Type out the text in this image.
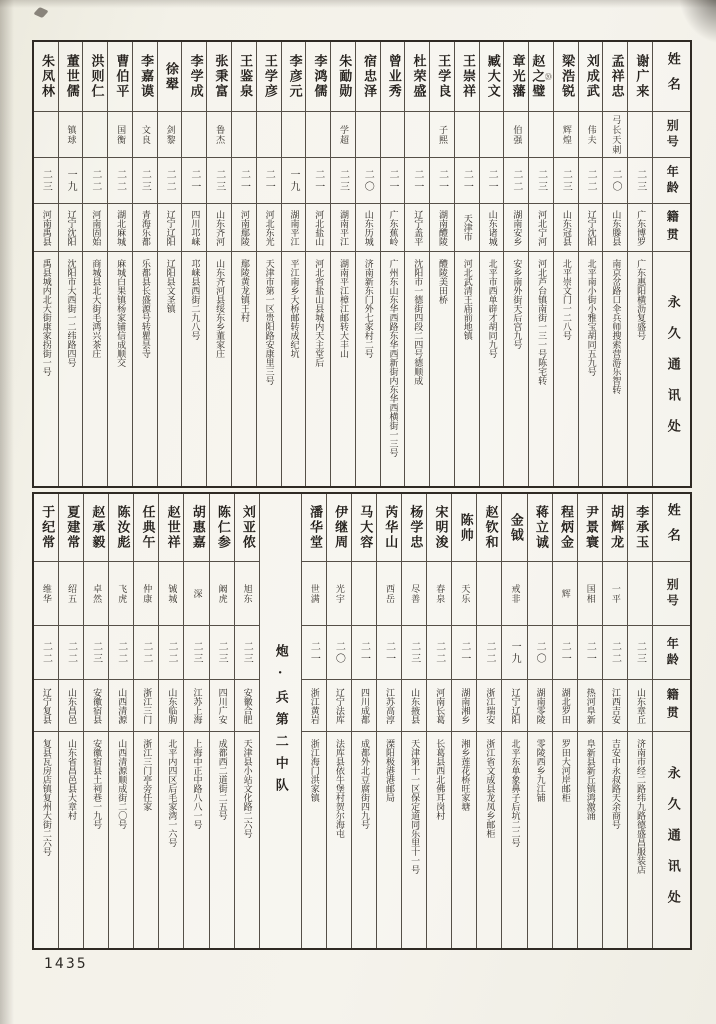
姓名
别号
年龄
籍贯
永久通讯处
谢广来
二三
广东博罗
广东惠阳横沥复盛号
孟祥忠
弓长天刺
二〇
山东滕县
南京岔路口伞兵师搜索营游乐智转
刘成武
伟夫
二二
辽宁沈阳
北平南小街小雅宝胡同五九号
梁浩锐
辉煌
二三
山东冠县
北平崇文门一二八号
赵之璧 ⑳
二三
河北宁河
河北芦台镇南街一三一号陈宅转
章光藩
伯强
二二
湖南安乡
安乡南外街天后宫九号
臧大文
二一
山东诸城
北平市西单辟才胡同九号
王崇祥
二一
天津市
河北武清王庙前地镇
王学良
子熙
二一
湖南醴陵
醴陵美田桥
杜荣盛
二一
辽宁盖平
沈阳市一德街四段二四号德顺成
曾业秀
二一
广东蕉岭
广州东山东华西路东华西新街内东华西横街一三号
宿忠泽
二〇
山东历城
济南新东门外七家村二号
朱勔勋
学超
二三
湖南平江
湖南平江樟江邮转大丰山
李鸿儒
二一
河北盐山
河北省盐山县城内天主堂后
李彦元
一九
湖南平江
平江南乡大桥邮转成纪坑
王学彦
二一
河北东光
天津市第一区贵阳路安康里三号
王鉴泉
二一
河南鄢陵
鄢陵黄龙镇王村
张秉富
鲁杰
二三
山东齐河
山东齐河县绥东乡董家庄
李学成
二一
四川邛崃
邛崃县西街二九八号
徐翚
剑黎
二二
辽宁辽阳
辽阳县文圣镇
李嘉谟
文良
二三
青海乐都
乐都县长盛源号转瞿昙寺
曹伯平
国衡
二二
湖北麻城
麻城白果镇杨家铺信成顺交
洪则仁
二二
河南固始
商城县北大街毛鸿兴茶庄
董世儒
镇球
一九
辽宁沈阳
沈阳市大西街一二纬路四号
朱凤林
二三
河南禹县
禹县城内北大街康家拐街一号
姓名
别号
年龄
籍贯
永久通讯处
李承玉
二三
山东章丘
济南市经二路纬九路德盛昌服装店
胡辉龙
一平
二二
江西吉安
吉安中永叔路天余商号
尹景寰
国相
二一
热河阜新
阜新县新丘镇鸿激涌
程炳金
辉
二一
湖北罗田
罗田大河岸邮柜
蒋立诚
二〇
湖南零陵
零陵西乡九江铺
金钺
戒非
一九
辽宁辽阳
北平东单象鼻子后坑二二号
赵钦和
二二
浙江瑞安
浙江省文成县龙凤乡邮柜
陈帅
天乐
二一
湖南湘乡
湘乡莲花桥旺家塘
宋明浚
春泉
二二
河南长葛
长葛县西北佛耳岗村
杨学忠
尽善
二三
山东掖县
天津第十一区保定道同乐里十一号
芮华山
西岳
二一
江苏高淳
溧阳极港港邮局
马大容
二一
四川成都
成都外北豆腐街四九号
伊继周
光宇
二〇
辽宁法库
法库县依牛堡村贺尔海屯
潘华堂
世满
二一
浙江黄岩
浙江海门洪家镇
炮·兵第二中队
刘亚侬
旭东
二三
安徽合肥
天津县小站文化路二六号
陈仁参
阚虎
二三
四川广安
成都西二道街二五号
胡惠嘉
深
二三
江苏上海
上海中正中路八八一号
赵世祥
铖城
二二
山东临朐
北平内四区后毛家湾一六号
任典午
仲康
二二
浙江三门
浙江三门亭旁任家
陈汝彪
飞虎
二二
山西清源
山西清源顺成街二〇号
赵承毅
卓然
二三
安徽宿县
安徽宿县土祠巷一九号
夏建常
绍五
二二
山东昌邑
山东省昌邑县大章村
于纪常
维华
二二
辽宁复县
复县瓦房店镇复州大街二六号
1435
